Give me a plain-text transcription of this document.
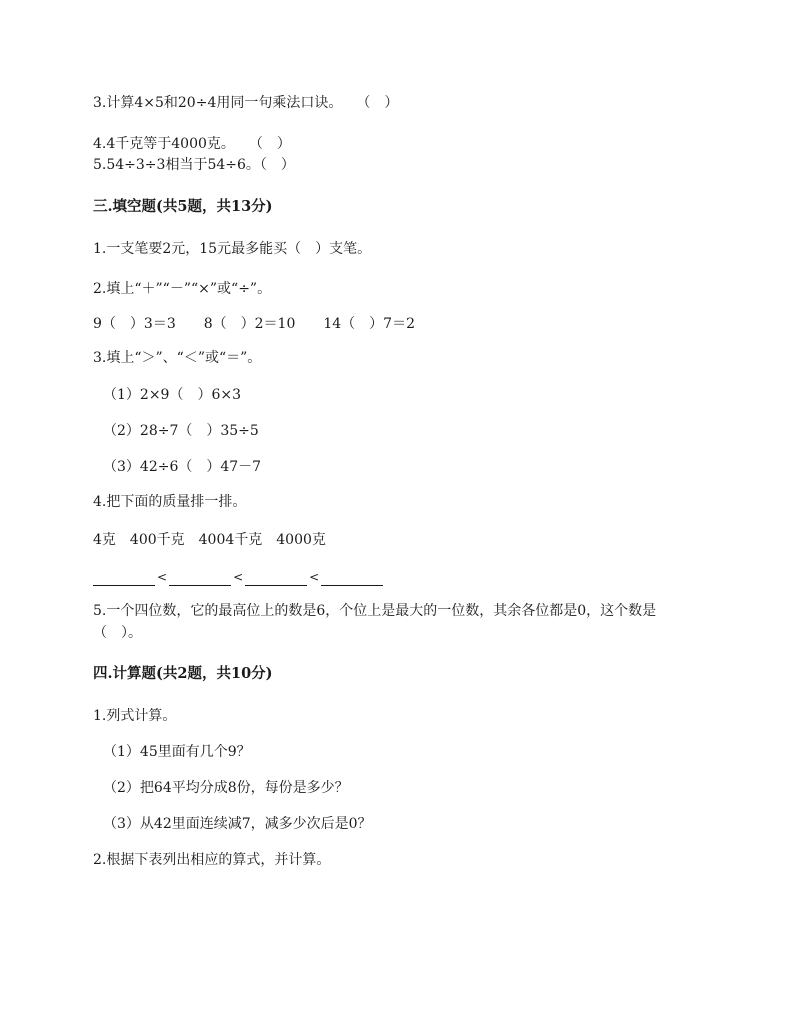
3.计算4×5和20÷4用同一句乘法口诀。　　（　）
4.4千克等于4000克。　　（　）
5.54÷3÷3相当于54÷6。（　）
三.填空题(共5题，共13分)
1.一支笔要2元，15元最多能买（　）支笔。
2.填上“＋”“－”“×”或“÷”。
9（　）3＝3　　8（　）2＝10　　14（　）7＝2
3.填上“＞”、“＜”或“＝”。
（1）2×9（　）6×3
（2）28÷7（　）35÷5
（3）42÷6（　）47－7
4.把下面的质量排一排。
4克　400千克　4004千克　4000克
<	<	<
5.一个四位数，它的最高位上的数是6，个位上是最大的一位数，其余各位都是0，这个数是（　）。
四.计算题(共2题，共10分)
1.列式计算。
（1）45里面有几个9？
（2）把64平均分成8份，每份是多少？
（3）从42里面连续减7，减多少次后是0？
2.根据下表列出相应的算式，并计算。
